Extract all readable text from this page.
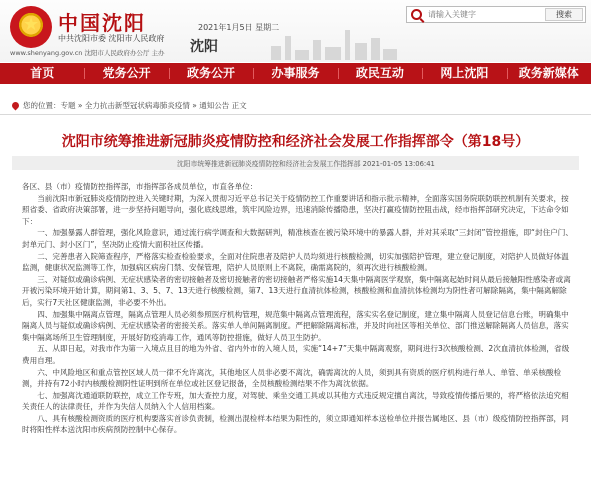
★ 中国沈阳
中共沈阳市委 沈阳市人民政府
www.shenyang.gov.cn 沈阳市人民政府办公厅 主办
2021年1月5日 星期二
沈阳
请输入关键字
搜索
首页	党务公开	政务公开	办事服务	政民互动	网上沈阳	政务新媒体
您的位置：专题 » 全力抗击新型冠状病毒肺炎疫情 » 通知公告 正文
沈阳市统筹推进新冠肺炎疫情防控和经济社会发展工作指挥部令（第18号）
沈阳市统筹推进新冠肺炎疫情防控和经济社会发展工作指挥部 2021-01-05 13:06:41

各区、县（市）疫情防控指挥部，市指挥部各成员单位，市直各单位：

当前沈阳市新冠肺炎疫情防控进入关键时期，为深入贯彻习近平总书记关于疫情防控工作重要讲话和指示批示精神，全面落实国务院联防联控机制有关要求，按照省委、省政府决策部署，进一步坚持问题导向，强化底线思维，筑牢风险边界，迅速消除传播隐患，坚决打赢疫情防控阻击战，经市指挥部研究决定，下达命令如下：

一、加强暴露人群管理，强化风险意识，通过流行病学调查和大数据研判，精准核查在被污染环境中的暴露人群，并对其采取“三封闭”管控措施，即“封住户门、封单元门、封小区门”，坚决防止疫情大面积社区传播。

二、完善患者入院筛查程序，严格落实检查检验要求，全面对住院患者及陪护人员均须进行核酸检测，切实加强陪护管理，建立登记制度，对陪护人员做好体温监测，健康状况监测等工作，加强病区病房门禁、安保管理，陪护人员原则上不离院，确需离院的，须再次进行核酸检测。

三、对疑似或确诊病例、无症状感染者的密切接触者及密切接触者的密切接触者严格实施14天集中隔离医学观察，集中隔离起始时间从最后接触阳性感染者或离开被污染环境开始计算，期间第1、3、5、7、13天进行核酸检测，第7、13天进行血清抗体检测，核酸检测和血清抗体检测均为阴性者可解除隔离，集中隔离解除后，实行7天社区健康监测，非必要不外出。

四、加强集中隔离点管理，隔离点管理人员必须参照医疗机构管理，规范集中隔离点管理流程，落实实名登记制度，建立集中隔离人员登记信息台账，明确集中隔离人员与疑似或确诊病例、无症状感染者的密接关系。落实单人单间隔离制度。严把解除隔离标准，并及时向社区等相关单位、部门推送解除隔离人员信息，落实集中隔离场所卫生管理制度，开展好防疫消毒工作，通风等防控措施，做好人员卫生防护。

五、从即日起，对我市作为第一入境点且目的地为外省、省内外市的入境人员，实施“14+7”天集中隔离观察，期间进行3次核酸检测、2次血清抗体检测，省级费用自理。

六、中风险地区和重点管控区域人员一律不允许离沈，其他地区人员非必要不离沈，确需离沈的人员，须到具有资质的医疗机构进行单人、单管、单采核酸检测，并持有72小时内核酸检测阴性证明到所在单位或社区登记报备，全员核酸检测结果不作为离沈依据。

七、加强离沈通道联防联控，成立工作专班，加大查控力度，对驾驶、乘坐交通工具或以其他方式违反规定擅自离沈，导致疫情传播后果的，将严格依法追究相关责任人的法律责任，并作为失信人员纳入个人信用档案。

八、具有核酸检测资质的医疗机构要落实首诊负责制，检测出混检样本结果为阳性的，须立即通知样本送检单位并报告属地区、县（市）级疫情防控指挥部，同时将阳性样本送沈阳市疾病预防控制中心保存。
